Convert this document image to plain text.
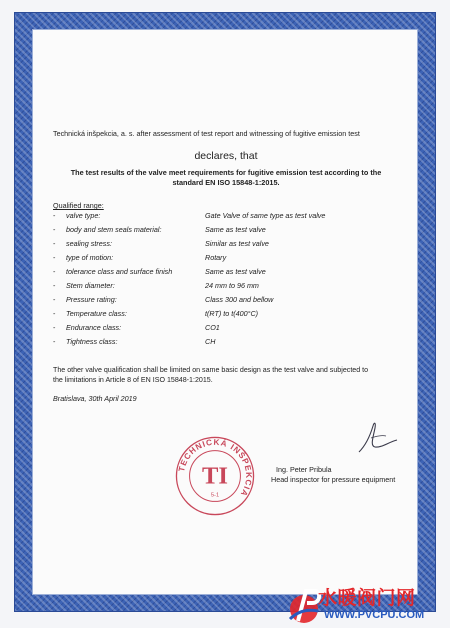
Technická inšpekcia, a. s. after assessment of test report and witnessing of fugitive emission test
declares, that
The test results of the valve meet requirements for fugitive emission test according to the
standard EN ISO 15848-1:2015.
Qualified range:
- valve type:	Gate Valve of same type as test valve
- body and stem seals material:	Same as test valve
- sealing stress:	Similar as test valve
- type of motion:	Rotary
- tolerance class and surface finish	Same as test valve
- Stem diameter:	24 mm to 96 mm
- Pressure rating:	Class 300 and bellow
- Temperature class:	t(RT) to t(400°C)
- Endurance class:	CO1
- Tightness class:	CH
The other valve qualification shall be limited on same basic design as the test valve and subjected to
the limitations in Article 8 of EN ISO 15848-1:2015.
Bratislava, 30th April 2019
Ing. Peter Pribula
Head inspector for pressure equipment
TECHNICKÁ INŠPEKCIA
TI
5-1
水暖阀门网
WWW.PVCPU.COM
